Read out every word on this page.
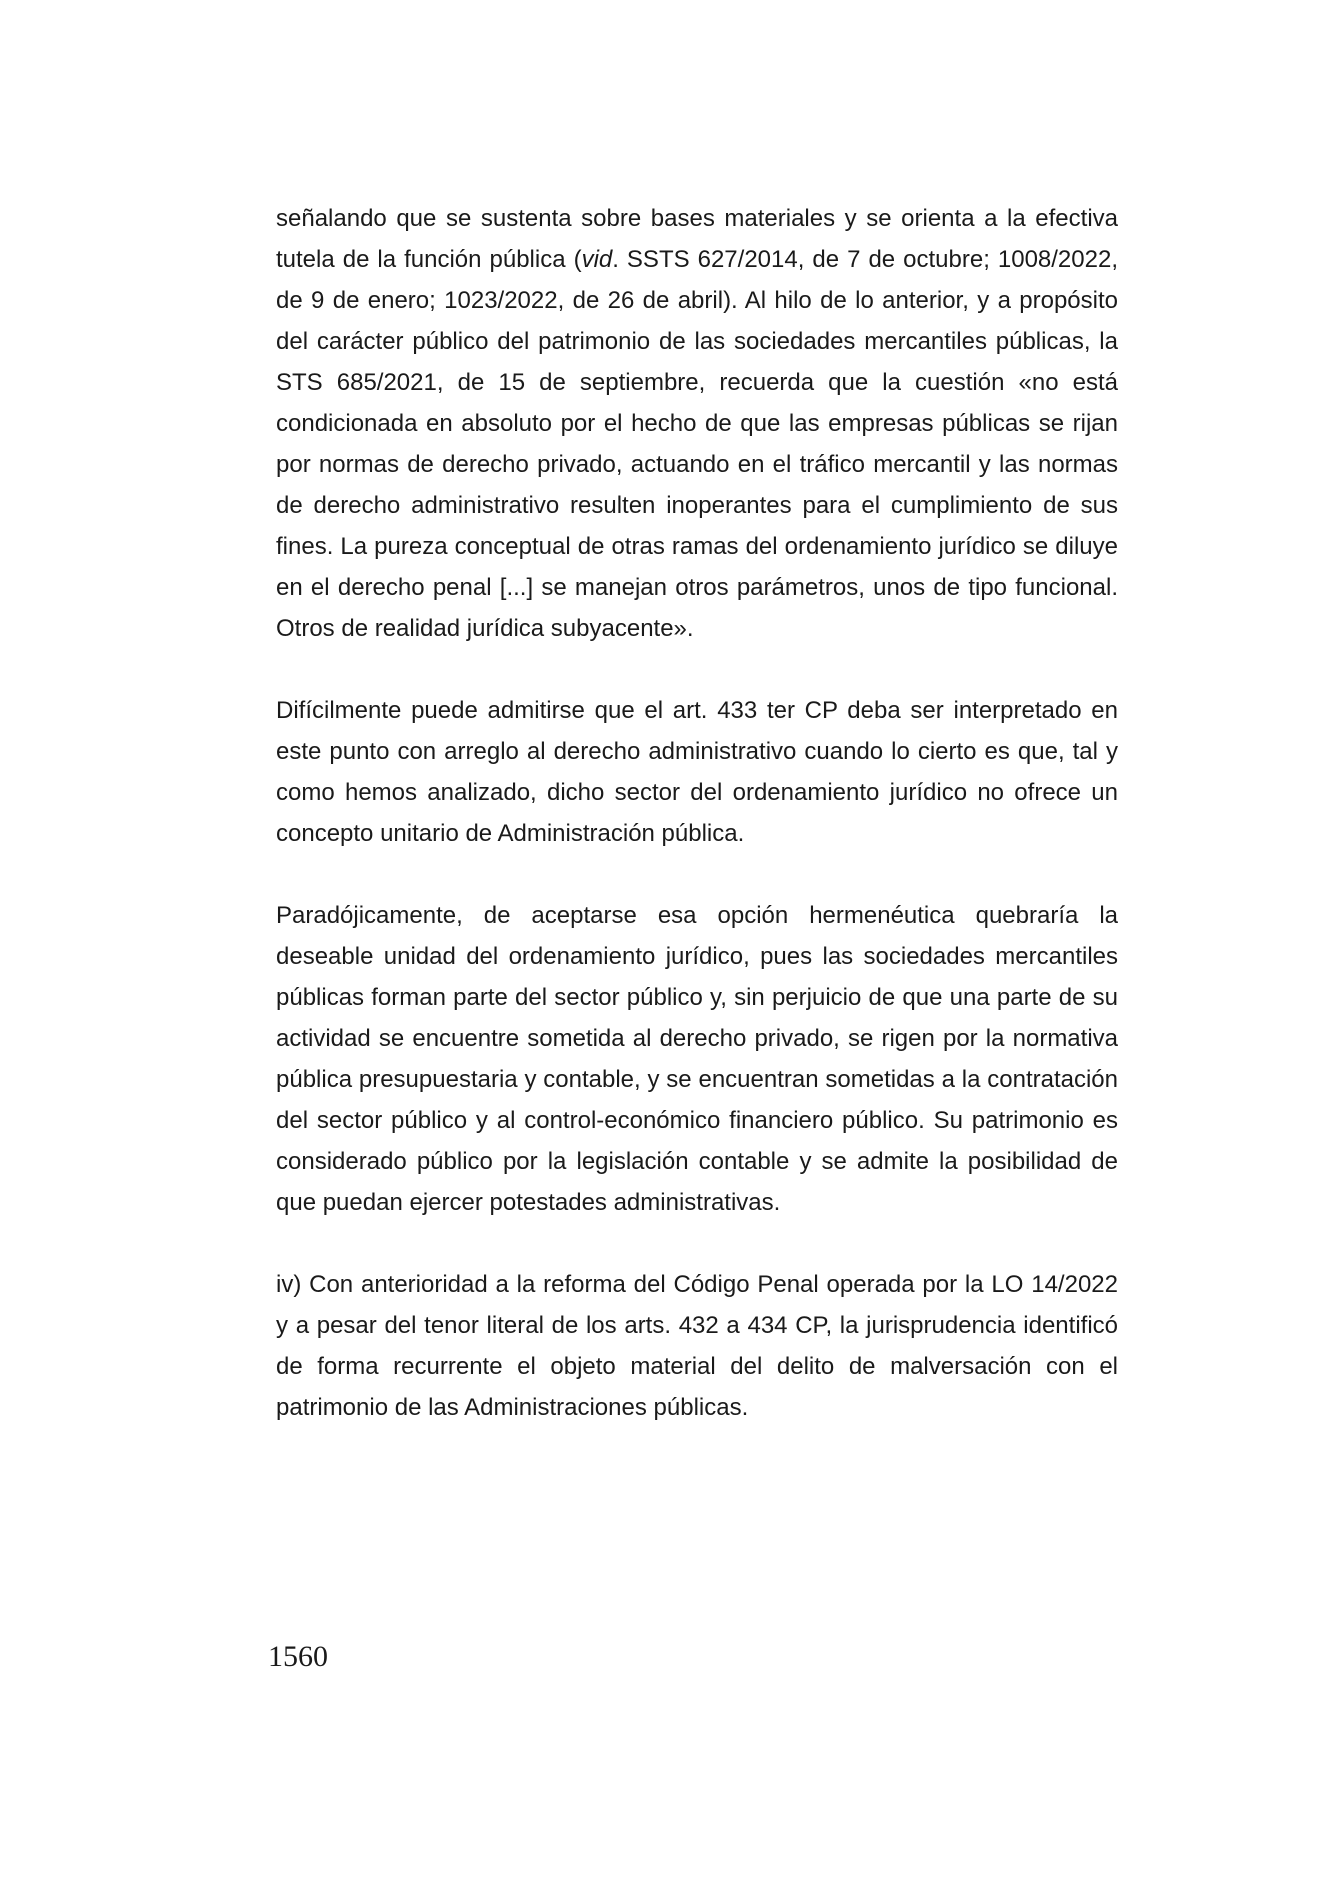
señalando que se sustenta sobre bases materiales y se orienta a la efectiva tutela de la función pública (vid. SSTS 627/2014, de 7 de octubre; 1008/2022, de 9 de enero; 1023/2022, de 26 de abril). Al hilo de lo anterior, y a propósito del carácter público del patrimonio de las sociedades mercantiles públicas, la STS 685/2021, de 15 de septiembre, recuerda que la cuestión «no está condicionada en absoluto por el hecho de que las empresas públicas se rijan por normas de derecho privado, actuando en el tráfico mercantil y las normas de derecho administrativo resulten inoperantes para el cumplimiento de sus fines. La pureza conceptual de otras ramas del ordenamiento jurídico se diluye en el derecho penal [...] se manejan otros parámetros, unos de tipo funcional. Otros de realidad jurídica subyacente».

Difícilmente puede admitirse que el art. 433 ter CP deba ser interpretado en este punto con arreglo al derecho administrativo cuando lo cierto es que, tal y como hemos analizado, dicho sector del ordenamiento jurídico no ofrece un concepto unitario de Administración pública.

Paradójicamente, de aceptarse esa opción hermenéutica quebraría la deseable unidad del ordenamiento jurídico, pues las sociedades mercantiles públicas forman parte del sector público y, sin perjuicio de que una parte de su actividad se encuentre sometida al derecho privado, se rigen por la normativa pública presupuestaria y contable, y se encuentran sometidas a la contratación del sector público y al control-económico financiero público. Su patrimonio es considerado público por la legislación contable y se admite la posibilidad de que puedan ejercer potestades administrativas.

iv) Con anterioridad a la reforma del Código Penal operada por la LO 14/2022 y a pesar del tenor literal de los arts. 432 a 434 CP, la jurisprudencia identificó de forma recurrente el objeto material del delito de malversación con el patrimonio de las Administraciones públicas.

1560
